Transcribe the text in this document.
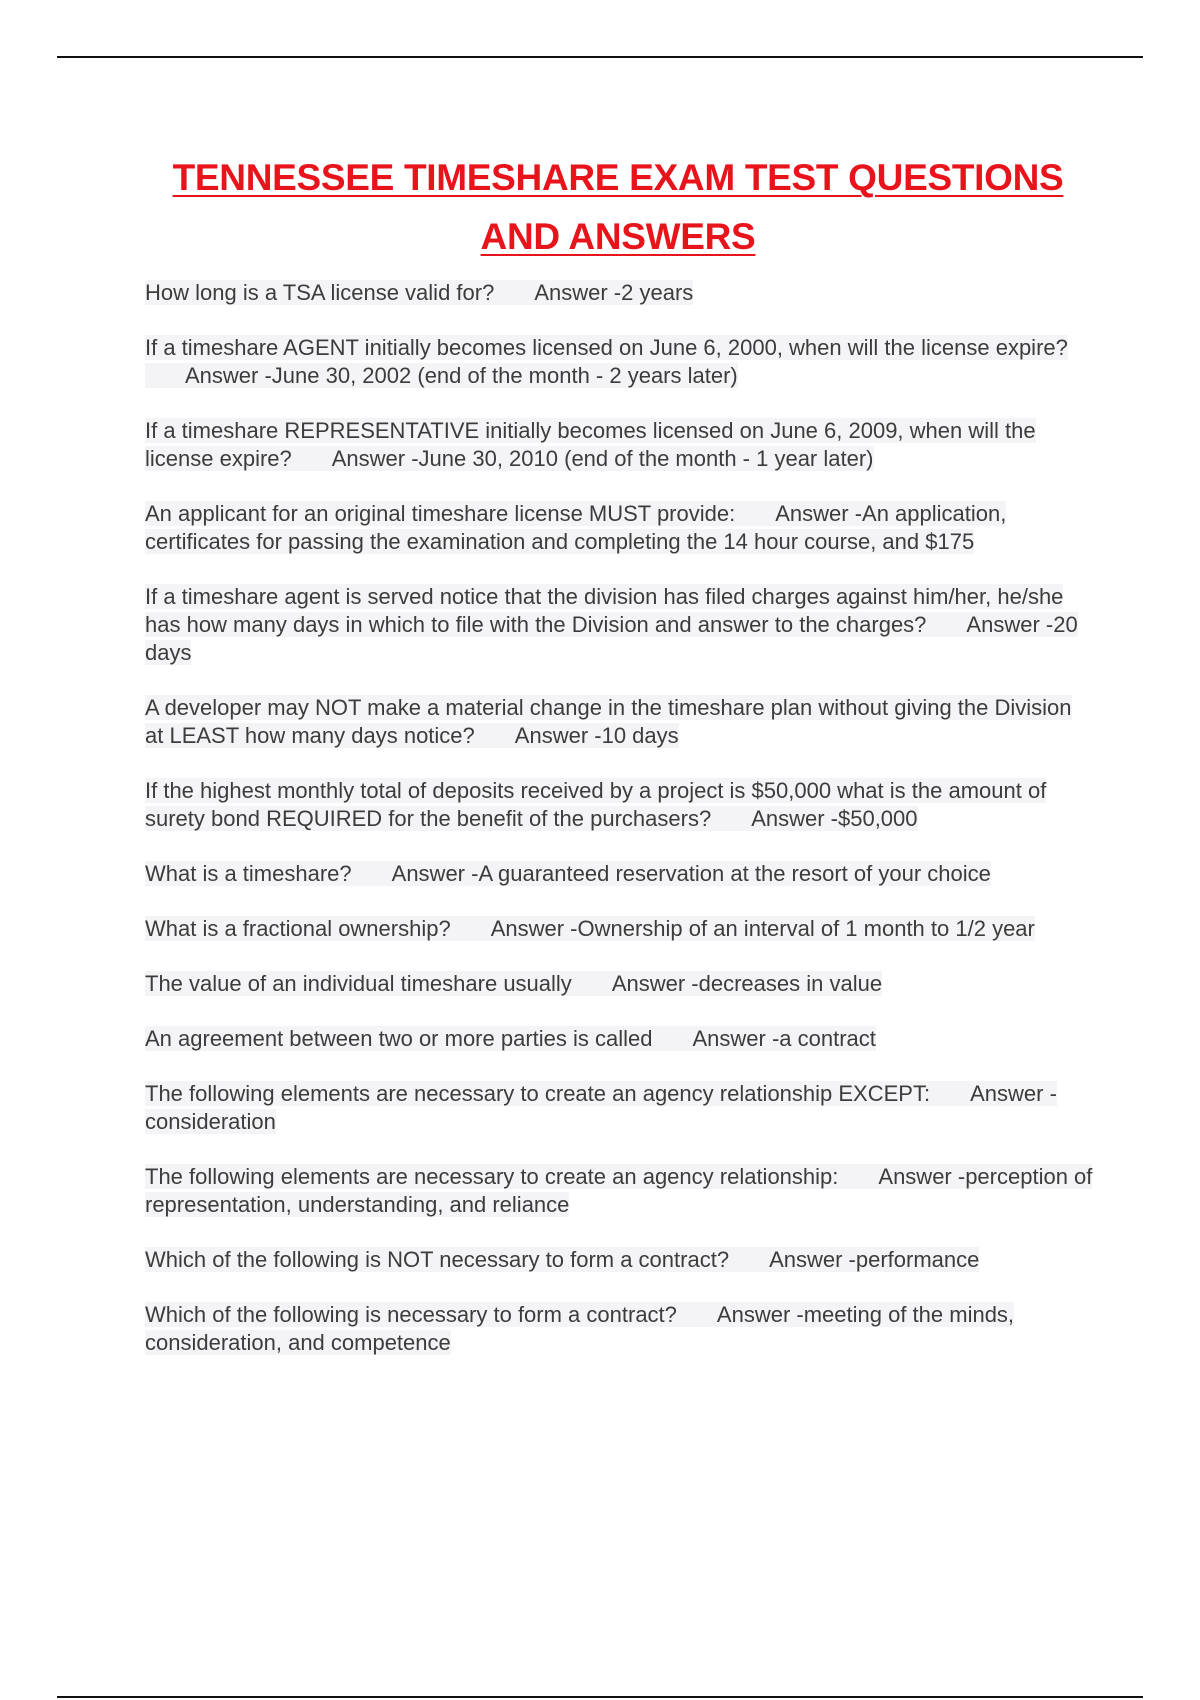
TENNESSEE TIMESHARE EXAM TEST QUESTIONS
AND ANSWERS

How long is a TSA license valid for? Answer -2 years

If a timeshare AGENT initially becomes licensed on June 6, 2000, when will the license expire?Answer -June 30, 2002 (end of the month - 2 years later)

If a timeshare REPRESENTATIVE initially becomes licensed on June 6, 2009, when will the license expire? Answer -June 30, 2010 (end of the month - 1 year later)

An applicant for an original timeshare license MUST provide: Answer -An application, certificates for passing the examination and completing the 14 hour course, and $175

If a timeshare agent is served notice that the division has filed charges against him/her, he/she has how many days in which to file with the Division and answer to the charges? Answer -20 days

A developer may NOT make a material change in the timeshare plan without giving the Division at LEAST how many days notice? Answer -10 days

If the highest monthly total of deposits received by a project is $50,000 what is the amount of surety bond REQUIRED for the benefit of the purchasers? Answer -$50,000

What is a timeshare? Answer -A guaranteed reservation at the resort of your choice

What is a fractional ownership? Answer -Ownership of an interval of 1 month to 1/2 year

The value of an individual timeshare usually Answer -decreases in value

An agreement between two or more parties is called Answer -a contract

The following elements are necessary to create an agency relationship EXCEPT: Answer -consideration

The following elements are necessary to create an agency relationship: Answer -perception of representation, understanding, and reliance

Which of the following is NOT necessary to form a contract? Answer -performance

Which of the following is necessary to form a contract? Answer -meeting of the minds, consideration, and competence
